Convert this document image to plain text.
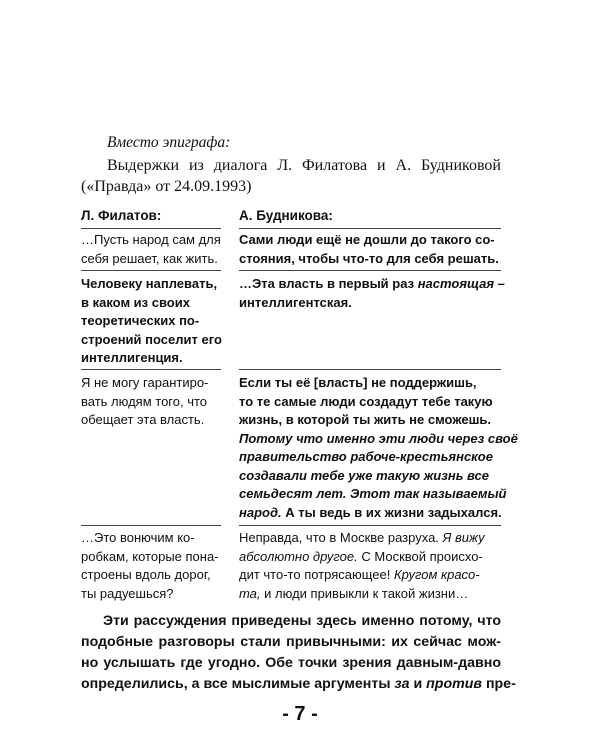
Вместо эпиграфа:
Выдержки из диалога Л. Филатова и А. Будниковой
(«Правда» от 24.09.1993)
Л. Филатов:	А. Будникова:
…Пусть народ сам для
себя решает, как жить.
Сами люди ещё не дошли до такого со-
стояния, чтобы что-то для себя решать.
Человеку наплевать,
в каком из своих
теоретических по-
строений поселит его
интеллигенция.
…Эта власть в первый раз настоящая –
интеллигентская.
Я не могу гарантиро-
вать людям того, что
обещает эта власть.
Если ты её [власть] не поддержишь,
то те самые люди создадут тебе такую
жизнь, в которой ты жить не сможешь.
Потому что именно эти люди через своё
правительство рабоче-крестьянское
создавали тебе уже такую жизнь все
семьдесят лет. Этот так называемый
народ. А ты ведь в их жизни задыхался.
…Это вонючим ко-
робкам, которые пона-
строены вдоль дорог,
ты радуешься?
Неправда, что в Москве разруха. Я вижу
абсолютно другое. С Москвой происхо-
дит что-то потрясающее! Кругом красо-
та, и люди привыкли к такой жизни…
Эти рассуждения приведены здесь именно потому, что
подобные разговоры стали привычными: их сейчас мож-
но услышать где угодно. Обе точки зрения давным-давно
определились, а все мыслимые аргументы за и против пре-
- 7 -
